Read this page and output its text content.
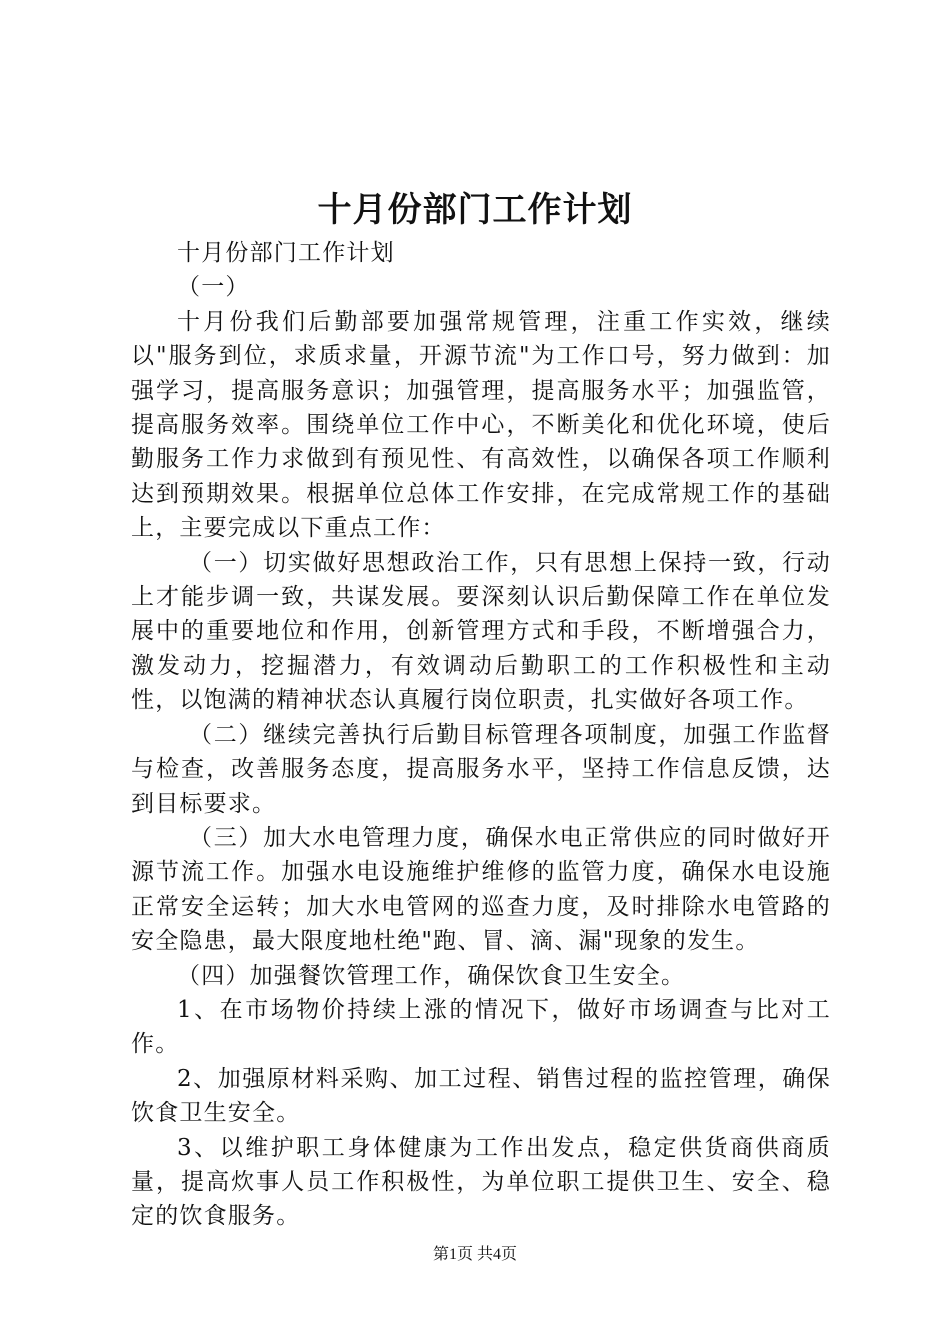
十月份部门工作计划

十月份部门工作计划

（一）

十月份我们后勤部要加强常规管理，注重工作实效，继续以"服务到位，求质求量，开源节流"为工作口号，努力做到：加强学习，提高服务意识；加强管理，提高服务水平；加强监管，提高服务效率。围绕单位工作中心，不断美化和优化环境，使后勤服务工作力求做到有预见性、有高效性，以确保各项工作顺利达到预期效果。根据单位总体工作安排，在完成常规工作的基础上，主要完成以下重点工作：

（一）切实做好思想政治工作，只有思想上保持一致，行动上才能步调一致，共谋发展。要深刻认识后勤保障工作在单位发展中的重要地位和作用，创新管理方式和手段，不断增强合力，激发动力，挖掘潜力，有效调动后勤职工的工作积极性和主动性，以饱满的精神状态认真履行岗位职责，扎实做好各项工作。

（二）继续完善执行后勤目标管理各项制度，加强工作监督与检查，改善服务态度，提高服务水平，坚持工作信息反馈，达到目标要求。

（三）加大水电管理力度，确保水电正常供应的同时做好开源节流工作。加强水电设施维护维修的监管力度，确保水电设施正常安全运转；加大水电管网的巡查力度，及时排除水电管路的安全隐患，最大限度地杜绝"跑、冒、滴、漏"现象的发生。

（四）加强餐饮管理工作，确保饮食卫生安全。

1、在市场物价持续上涨的情况下，做好市场调查与比对工作。

2、加强原材料采购、加工过程、销售过程的监控管理，确保饮食卫生安全。

3、以维护职工身体健康为工作出发点，稳定供货商供商质量，提高炊事人员工作积极性，为单位职工提供卫生、安全、稳定的饮食服务。

第1页 共4页
